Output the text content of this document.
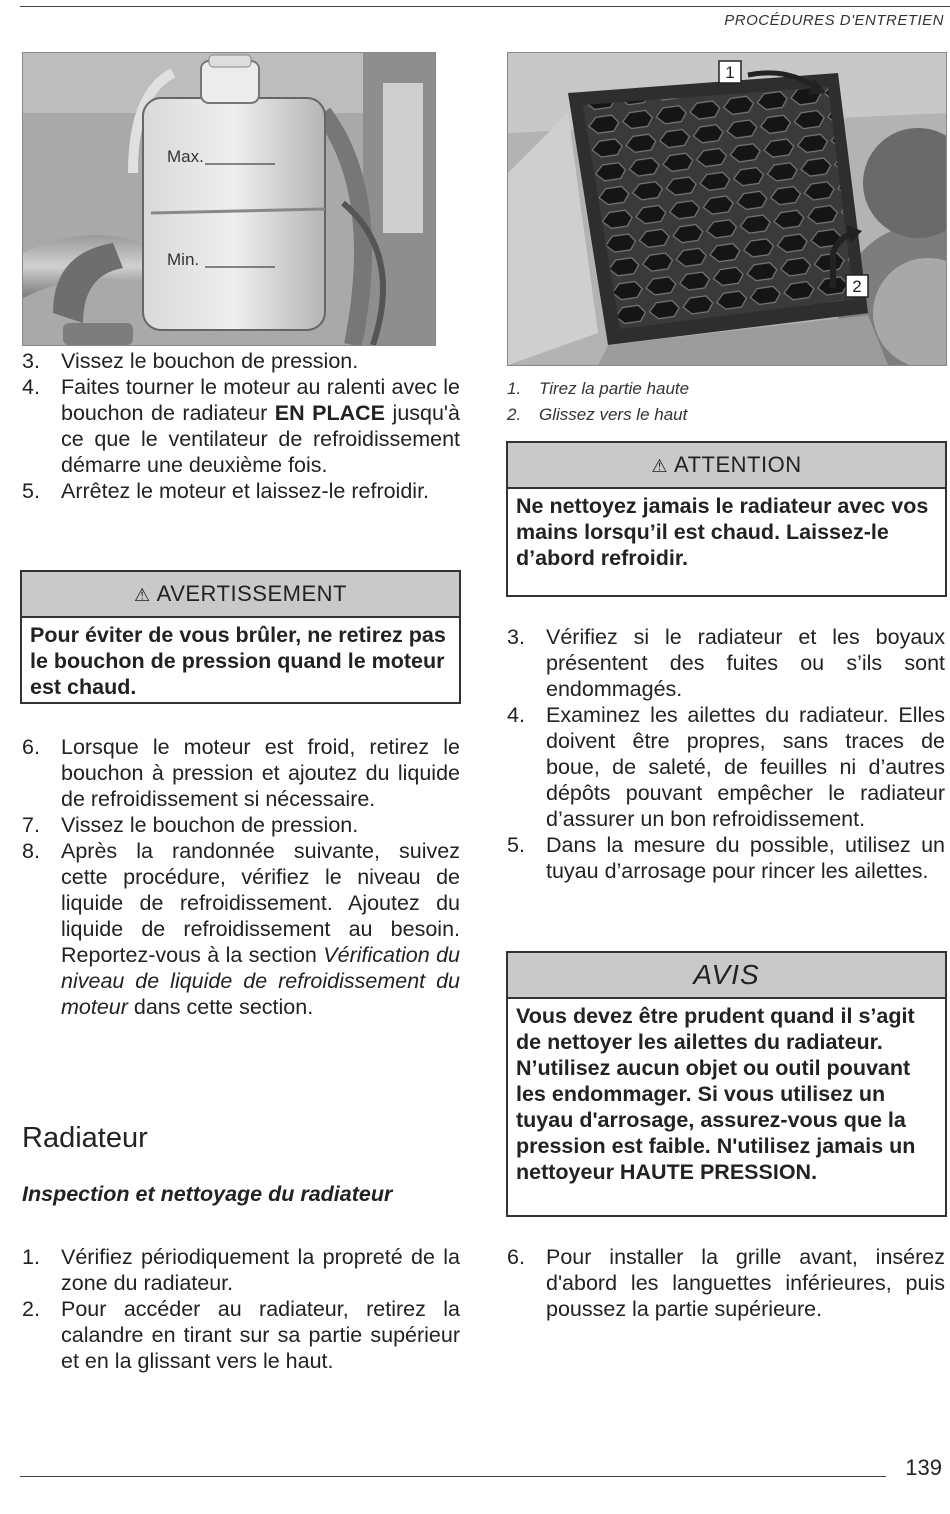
PROCÉDURES D'ENTRETIEN
Max.
Min.
1
2
3. Vissez le bouchon de pression.
4. Faites tourner le moteur au ralenti avec le bouchon de radiateur EN PLACE jusqu'à ce que le ventilateur de refroidissement démarre une deuxième fois.
5. Arrêtez le moteur et laissez-le refroidir.
⚠ AVERTISSEMENT
Pour éviter de vous brûler, ne retirez pas le bouchon de pression quand le moteur est chaud.
6. Lorsque le moteur est froid, retirez le bouchon à pression et ajoutez du liquide de refroidissement si nécessaire.
7. Vissez le bouchon de pression.
8. Après la randonnée suivante, suivez cette procédure, vérifiez le niveau de liquide de refroidissement. Ajoutez du liquide de refroidissement au besoin. Reportez-vous à la section Vérification du niveau de liquide de refroidissement du moteur dans cette section.
Radiateur
Inspection et nettoyage du radiateur
1. Vérifiez périodiquement la propreté de la zone du radiateur.
2. Pour accéder au radiateur, retirez la calandre en tirant sur sa partie supérieur et en la glissant vers le haut.
1.	Tirez la partie haute
2.	Glissez vers le haut
⚠ ATTENTION
Ne nettoyez jamais le radiateur avec vos mains lorsqu’il est chaud. Laissez-le d’abord refroidir.
3. Vérifiez si le radiateur et les boyaux présentent des fuites ou s’ils sont endommagés.
4. Examinez les ailettes du radiateur. Elles doivent être propres, sans traces de boue, de saleté, de feuilles ni d’autres dépôts pouvant empêcher le radiateur d’assurer un bon refroidissement.
5. Dans la mesure du possible, utilisez un tuyau d’arrosage pour rincer les ailettes.
AVIS
Vous devez être prudent quand il s’agit de nettoyer les ailettes du radiateur. N’utilisez aucun objet ou outil pouvant les endommager. Si vous utilisez un tuyau d'arrosage, assurez-vous que la pression est faible. N'utilisez jamais un nettoyeur HAUTE PRESSION.
6. Pour installer la grille avant, insérez d'abord les languettes inférieures, puis poussez la partie supérieure.
139
